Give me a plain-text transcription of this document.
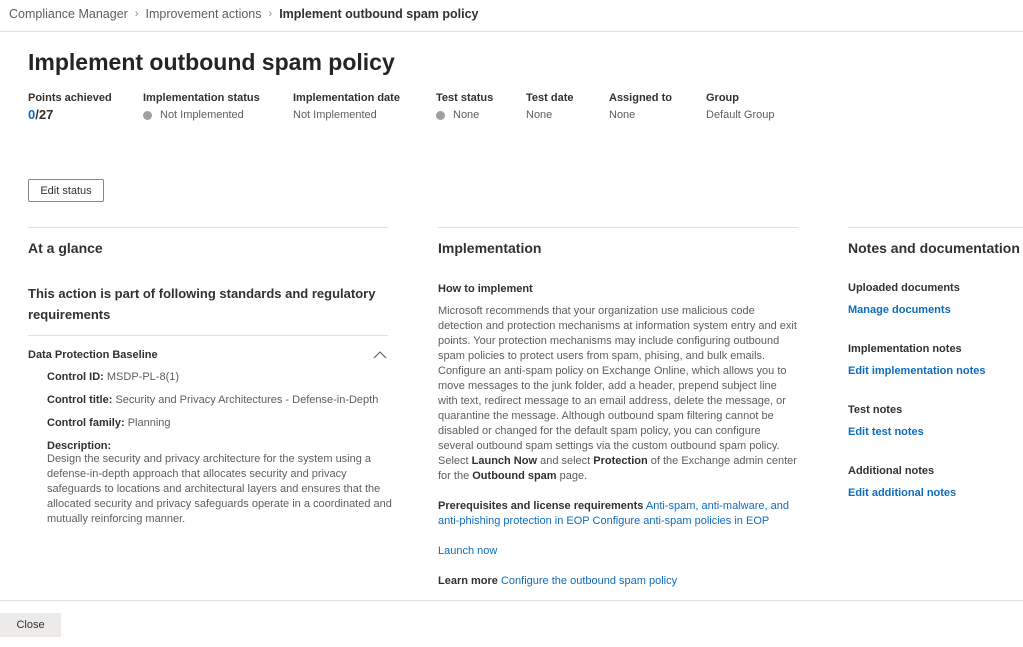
Compliance Manager › Improvement actions › Implement outbound spam policy
Implement outbound spam policy
Points achieved
0/27
Implementation status
Not Implemented
Implementation date
Not Implemented
Test status
None
Test date
None
Assigned to
None
Group
Default Group
Edit status
At a glance	Implementation	Notes and documentation
This action is part of following standards and regulatory requirements
Data Protection Baseline
Control ID: MSDP-PL-8(1)
Control title: Security and Privacy Architectures - Defense-in-Depth
Control family: Planning
Description:
Design the security and privacy architecture for the system using a defense-in-depth approach that allocates security and privacy safeguards to locations and architectural layers and ensures that the allocated security and privacy safeguards operate in a coordinated and mutually reinforcing manner.
How to implement
Microsoft recommends that your organization use malicious code detection and protection mechanisms at information system entry and exit points. Your protection mechanisms may include configuring outbound spam policies to protect users from spam, phising, and bulk emails. Configure an anti-spam policy on Exchange Online, which allows you to move messages to the junk folder, add a header, prepend subject line with text, redirect message to an email address, delete the message, or quarantine the message. Although outbound spam filtering cannot be disabled or changed for the default spam policy, you can configure several outbound spam settings via the custom outbound spam policy. Select Launch Now and select Protection of the Exchange admin center for the Outbound spam page.
Prerequisites and license requirements Anti-spam, anti-malware, and anti-phishing protection in EOP Configure anti-spam policies in EOP
Launch now
Learn more Configure the outbound spam policy
Uploaded documents
Manage documents
Implementation notes
Edit implementation notes
Test notes
Edit test notes
Additional notes
Edit additional notes
Close
